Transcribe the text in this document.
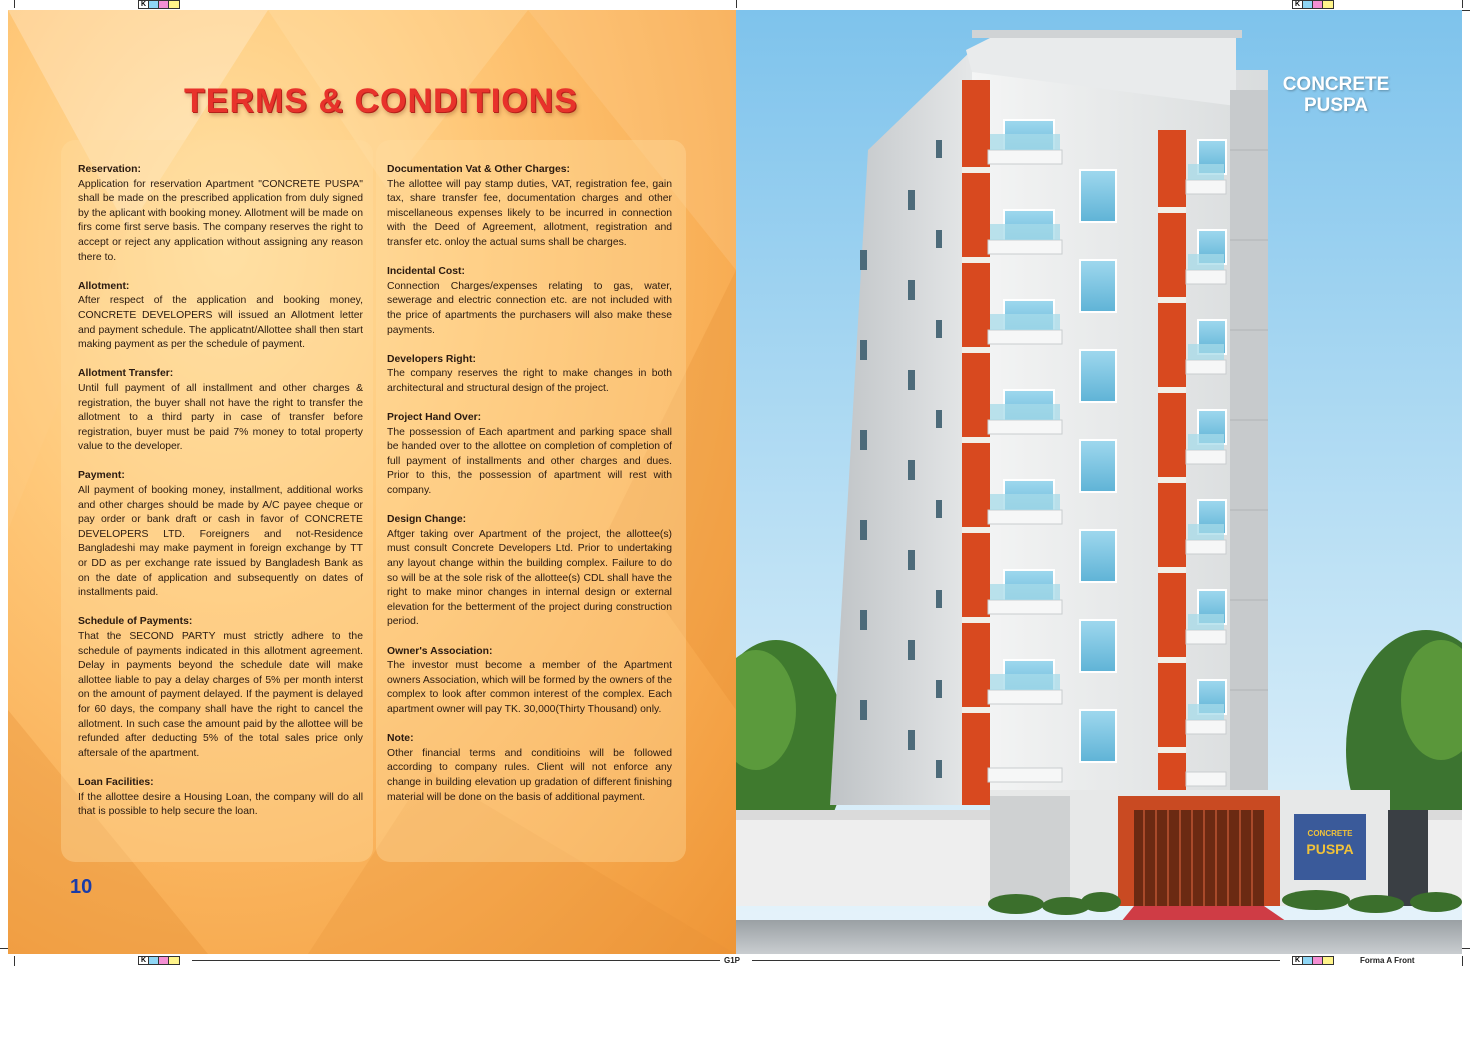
K	K
K	K
G1P	Forma A Front
TERMS & CONDITIONS
Reservation:

Application for reservation Apartment "CONCRETE PUSPA" shall be made on the prescribed application from duly signed by the aplicant with booking money. Allotment will be made on firs come first serve basis. The company reserves the right to accept or reject any application without assigning any reason there to.

Allotment:

After respect of the application and booking money, CONCRETE DEVELOPERS will issued an Allotment letter and payment schedule. The applicatnt/Allottee shall then start making payment as per the schedule of payment.

Allotment Transfer:

Until full payment of all installment and other charges & registration, the buyer shall not have the right to transfer the allotment to a third party in case of transfer before registration, buyer must be paid 7% money to total property value to the developer.

Payment:

All payment of booking money, installment, additional works and other charges should be made by A/C payee cheque or pay order or bank draft or cash in favor of CONCRETE DEVELOPERS LTD. Foreigners and not-Residence Bangladeshi may make payment in foreign exchange by TT or DD as per exchange rate issued by Bangladesh Bank as on the date of application and subsequently on dates of installments paid.

Schedule of Payments:

That the SECOND PARTY must strictly adhere to the schedule of payments indicated in this allotment agreement. Delay in payments beyond the schedule date will make allottee liable to pay a delay charges of 5% per month interst on the amount of payment delayed. If the payment is delayed for 60 days, the company shall have the right to cancel the allotment. In such case the amount paid by the allottee will be refunded after deducting 5% of the total sales price only aftersale of the apartment.

Loan Facilities:

If the allottee desire a Housing Loan, the company will do all that is possible to help secure the loan.

Documentation Vat & Other Charges:

The allottee will pay stamp duties, VAT, registration fee, gain tax, share transfer fee, documentation charges and other miscellaneous expenses likely to be incurred in connection with the Deed of Agreement, allotment, registration and transfer etc. onloy the actual sums shall be charges.

Incidental Cost:

Connection Charges/expenses relating to gas, water, sewerage and electric connection etc. are not included with the price of apartments the purchasers will also make these payments.

Developers Right:

The company reserves the right to make changes in both architectural and structural design of the project.

Project Hand Over:

The possession of Each apartment and parking space shall be handed over to the allottee on completion of completion of full payment of installments and other charges and dues. Prior to this, the possession of apartment will rest with company.

Design Change:

Aftger taking over Apartment of the project, the allottee(s) must consult Concrete Developers Ltd. Prior to undertaking any layout change within the building complex. Failure to do so will be at the sole risk of the allottee(s) CDL shall have the right to make minor changes in internal design or external elevation for the betterment of the project during construction period.

Owner's Association:

The investor must become a member of the Apartment owners Association, which will be formed by the owners of the complex to look after common interest of the complex. Each apartment owner will pay TK. 30,000(Thirty Thousand) only.

Note:

Other financial terms and conditioins will be followed according to company rules. Client will not enforce any change in building elevation up gradation of different finishing material will be done on the basis of additional payment.

10
CONCRETE
PUSPA
CONCRETE
PUSPA
